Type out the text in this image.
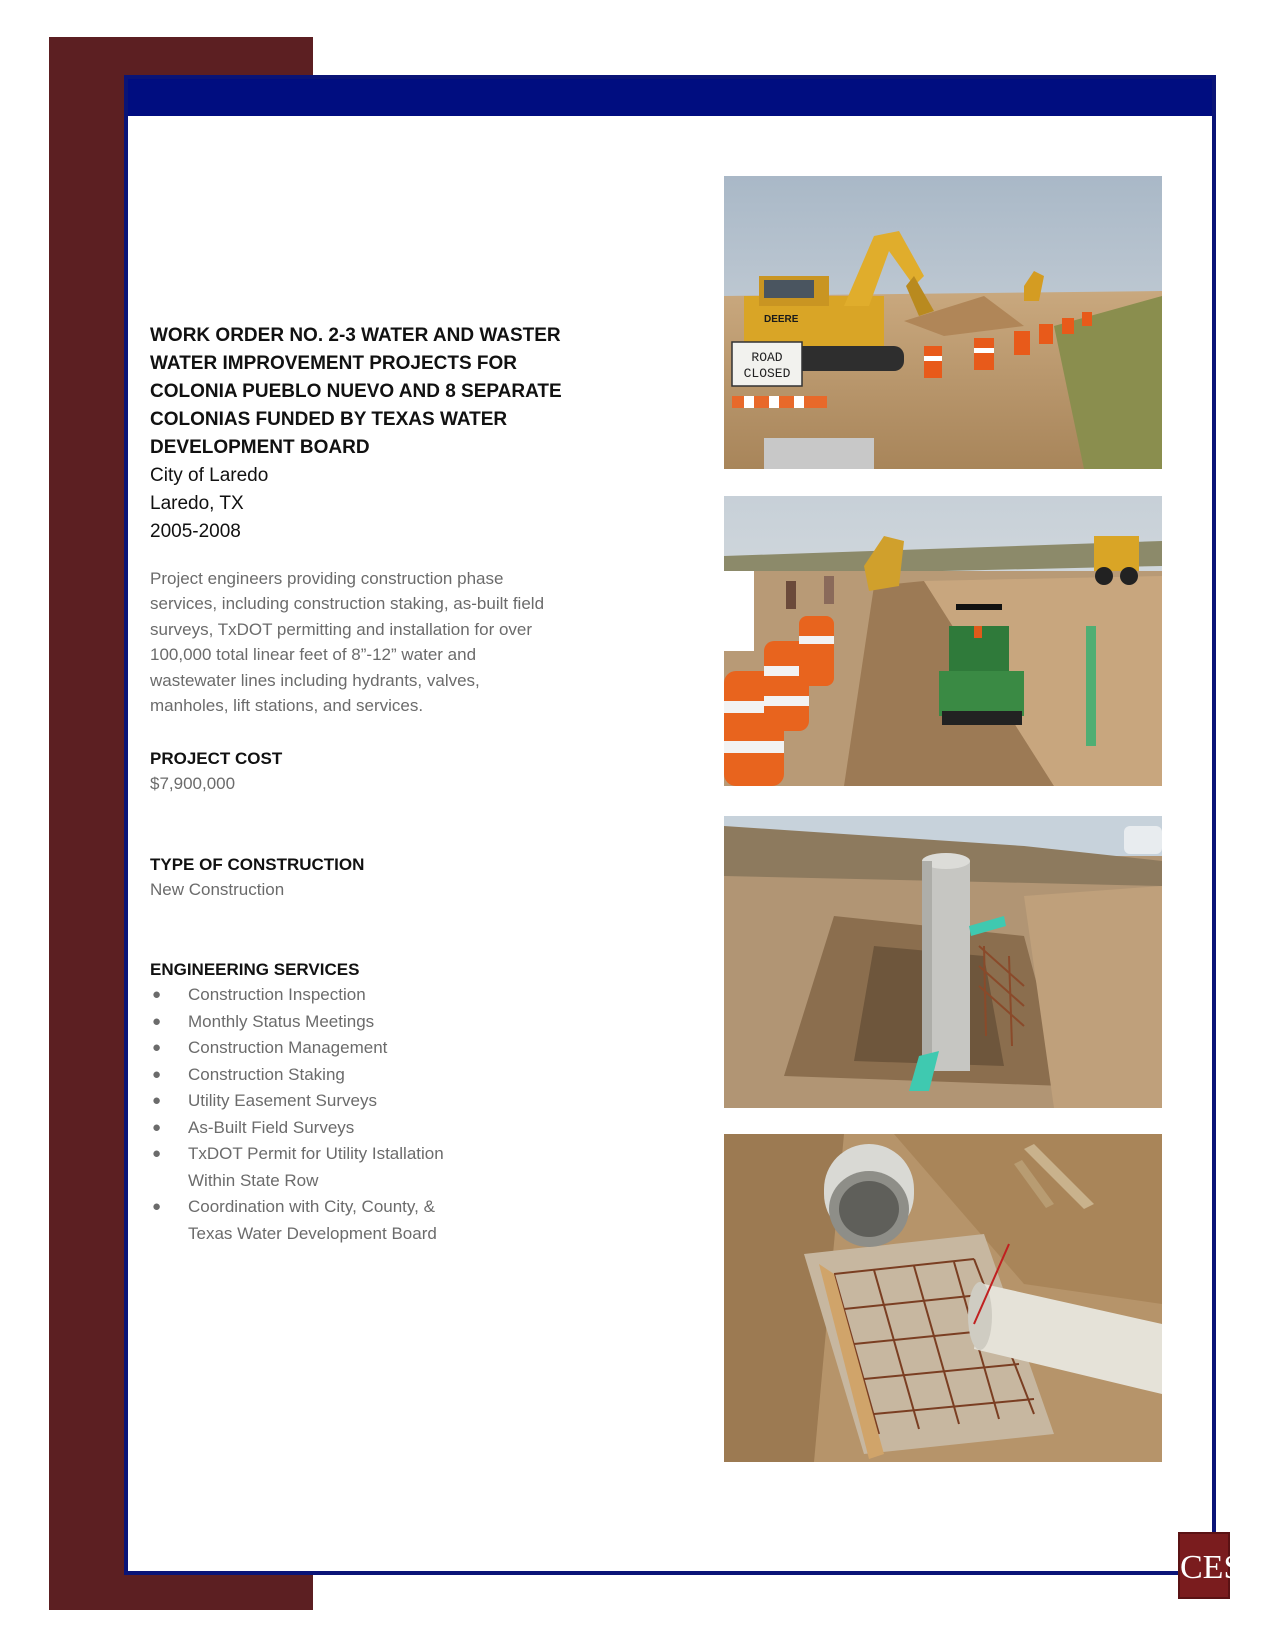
WORK ORDER NO. 2-3 WATER AND WASTER
WATER IMPROVEMENT PROJECTS FOR
COLONIA PUEBLO NUEVO AND 8 SEPARATE
COLONIAS FUNDED BY TEXAS WATER
DEVELOPMENT BOARD
City of Laredo
Laredo, TX
2005-2008
Project engineers providing construction phase
services, including construction staking, as-built field
surveys, TxDOT permitting and installation for over
100,000 total linear feet of 8”-12” water and
wastewater lines including hydrants, valves,
manholes, lift stations, and services.
PROJECT COST
$7,900,000
TYPE OF CONSTRUCTION
New Construction
ENGINEERING SERVICES
● Construction Inspection
● Monthly Status Meetings
● Construction Management
● Construction Staking
● Utility Easement Surveys
● As-Built Field Surveys
● TxDOT Permit for Utility Istallation
Within State Row
● Coordination with City, County, &
Texas Water Development Board
DEERE
ROAD
CLOSED
CES
